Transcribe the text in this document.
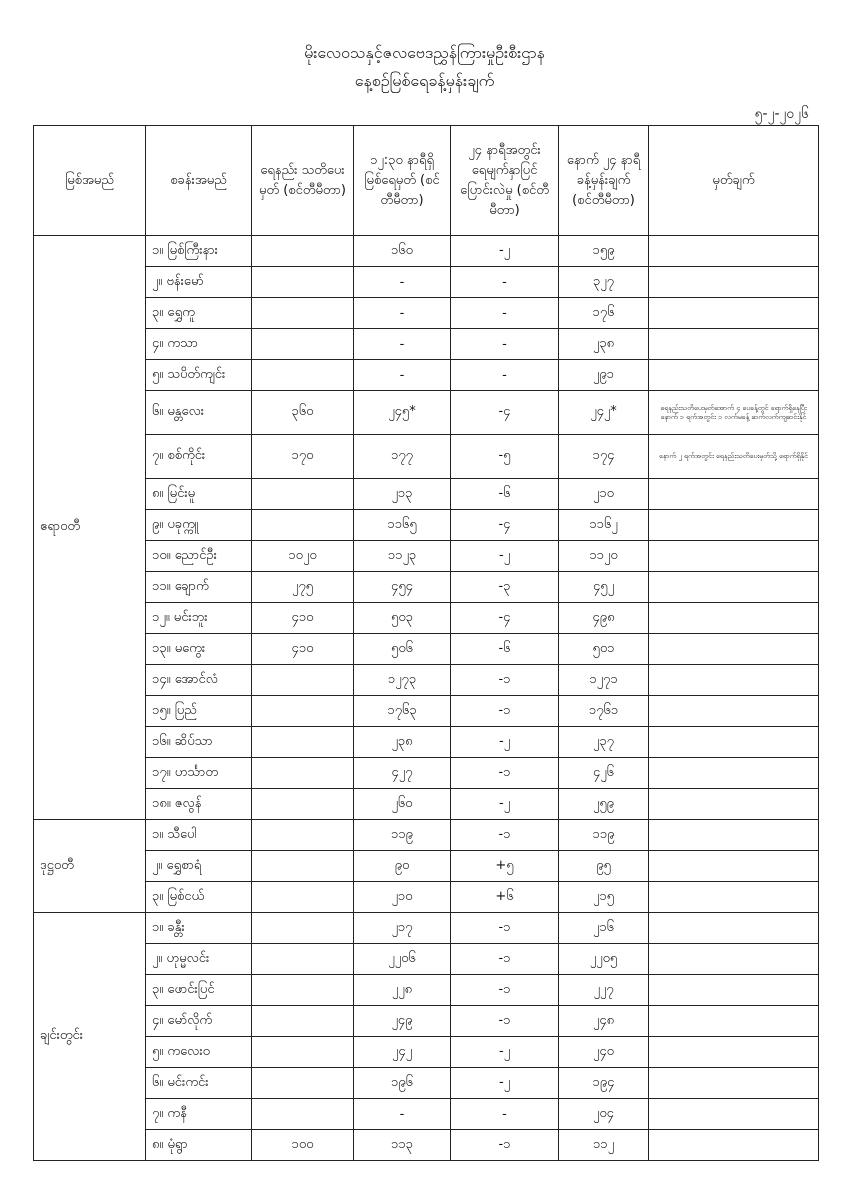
မိုးလေဝသနှင့်ဇလဗေဒညွှန်ကြားမှုဦးစီးဌာန
နေ့စဉ်မြစ်ရေခန့်မှန်းချက်
၅-၂-၂၀၂၆
မြစ်အမည်	စခန်းအမည်	ရေနည်း သတိပေးမှတ် (စင်တီမီတာ)	၁၂:၃၀ နာရီရှိ မြစ်ရေမှတ် (စင်တီမီတာ)	၂၄ နာရီအတွင်း ရေမျက်နှာပြင် ပြောင်းလဲမှု (စင်တီမီတာ)	နောက် ၂၄ နာရီ ခန့်မှန်းချက် (စင်တီမီတာ)	မှတ်ချက်
ဧရာဝတီ	၁။ မြစ်ကြီးနား		၁၆၀	-၂	၁၅၉	
	၂။ ဗန်းမော်		-	-	၃၂၇	
	၃။ ရွှေကူ		-	-	၁၇၆	
	၄။ ကသာ		-	-	၂၃၈	
	၅။ သပိတ်ကျင်း		-	-	၂၉၁	
	၆။ မန္တလေး	၃၆၀	၂၄၅*	-၄	၂၄၂*	ရေနည်းသတိပေးမှတ်အောက် ၄ ပေခန့်တွင် ရောက်ရှိနေပြီး နောက် ၁ ရက်အတွင်း ၁ လက်မခန့် ဆက်လက်ကျဆင်းနိုင်
	၇။ စစ်ကိုင်း	၁၇၀	၁၇၇	-၅	၁၇၄	နောက် ၂ ရက်အတွင်း ရေနည်းသတိပေးမှတ်သို့ ရောက်ရှိနိုင်
	၈။ မြင်းမူ		၂၁၃	-၆	၂၁၀	
	၉။ ပခုက္ကူ		၁၁၆၅	-၄	၁၁၆၂	
	၁၀။ ညောင်ဦး	၁၀၂၀	၁၁၂၃	-၂	၁၁၂၀	
	၁၁။ ချောက်	၂၇၅	၄၅၄	-၃	၄၅၂	
	၁၂။ မင်းဘူး	၄၁၀	၅၀၃	-၄	၄၉၈	
	၁၃။ မကွေး	၄၁၀	၅၀၆	-၆	၅၀၁	
	၁၄။ အောင်လံ		၁၂၇၃	-၁	၁၂၇၁	
	၁၅။ ပြည်		၁၇၆၃	-၁	၁၇၆၁	
	၁၆။ ဆိပ်သာ		၂၃၈	-၂	၂၃၇	
	၁၇။ ဟင်္သာတ		၄၂၇	-၁	၄၂၆	
	၁၈။ ဇလွန်		၂၆၀	-၂	၂၅၉	
ဒုဋ္ဌဝတီ	၁။ သီပေါ		၁၁၉	-၁	၁၁၉	
	၂။ ရွှေစာရံ		၉၀	+၅	၉၅	
	၃။ မြစ်ငယ်		၂၁၀	+၆	၂၁၅	
ချင်းတွင်း	၁။ ခန္တီး		၂၁၇	-၁	၂၁၆	
	၂။ ဟုမ္မလင်း		၂၂၀၆	-၁	၂၂၀၅	
	၃။ ဖောင်းပြင်		၂၂၈	-၁	၂၂၇	
	၄။ မော်လိုက်		၂၄၉	-၁	၂၄၈	
	၅။ ကလေးဝ		၂၄၂	-၂	၂၄၀	
	၆။ မင်းကင်း		၁၉၆	-၂	၁၉၄	
	၇။ ကနီ		-	-	၂၀၄	
	၈။ မုံရွာ	၁၀၀	၁၁၃	-၁	၁၁၂	
